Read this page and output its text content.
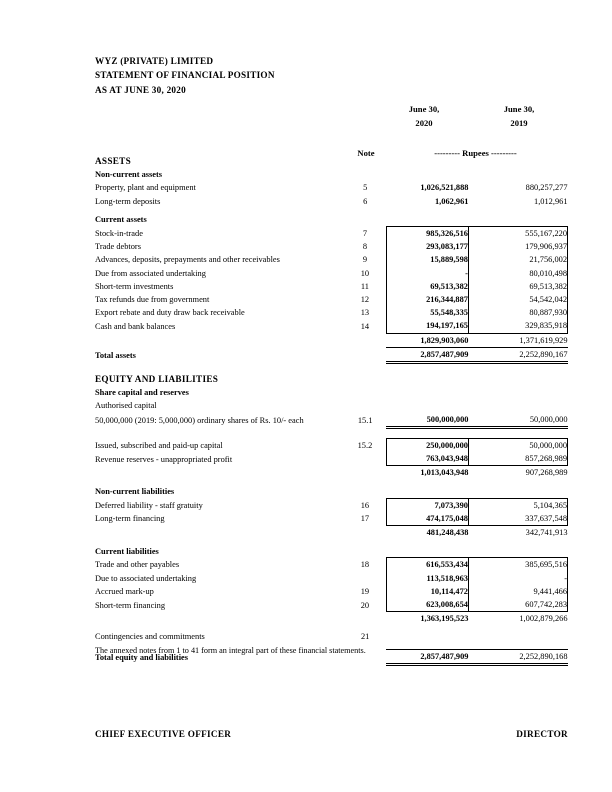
WYZ (PRIVATE) LIMITED
STATEMENT OF FINANCIAL POSITION
AS AT JUNE 30, 2020
June 30,	June 30,
2020	2019
Note	--------- Rupees ---------
ASSETS			
Non-current assets			
Property, plant and equipment	5	1,026,521,888	880,257,277
Long-term deposits	6	1,062,961	1,012,961

Current assets			
Stock-in-trade	7	985,326,516	555,167,220
Trade debtors	8	293,083,177	179,906,937
Advances, deposits, prepayments and other receivables	9	15,889,598	21,756,002
Due from associated undertaking	10	-	80,010,498
Short-term investments	11	69,513,382	69,513,382
Tax refunds due from government	12	216,344,887	54,542,042
Export rebate and duty draw back receivable	13	55,548,335	80,887,930
Cash and bank balances	14	194,197,165	329,835,918
		1,829,903,060	1,371,619,929
Total assets		2,857,487,909	2,252,890,167

EQUITY AND LIABILITIES			
Share capital and reserves			
Authorised capital			
50,000,000 (2019: 5,000,000) ordinary shares of Rs. 10/- each	15.1	500,000,000	50,000,000

Issued, subscribed and paid-up capital	15.2	250,000,000	50,000,000
Revenue reserves - unappropriated profit		763,043,948	857,268,989
		1,013,043,948	907,268,989

Non-current liabilities			
Deferred liability - staff gratuity	16	7,073,390	5,104,365
Long-term financing	17	474,175,048	337,637,548
		481,248,438	342,741,913

Current liabilities			
Trade and other payables	18	616,553,434	385,695,516
Due to associated undertaking		113,518,963	-
Accrued mark-up	19	10,114,472	9,441,466
Short-term financing	20	623,008,654	607,742,283
		1,363,195,523	1,002,879,266

Contingencies and commitments	21		

Total equity and liabilities		2,857,487,909	2,252,890,168
The annexed notes from 1 to 41 form an integral part of these financial statements.
CHIEF EXECUTIVE OFFICER	DIRECTOR
